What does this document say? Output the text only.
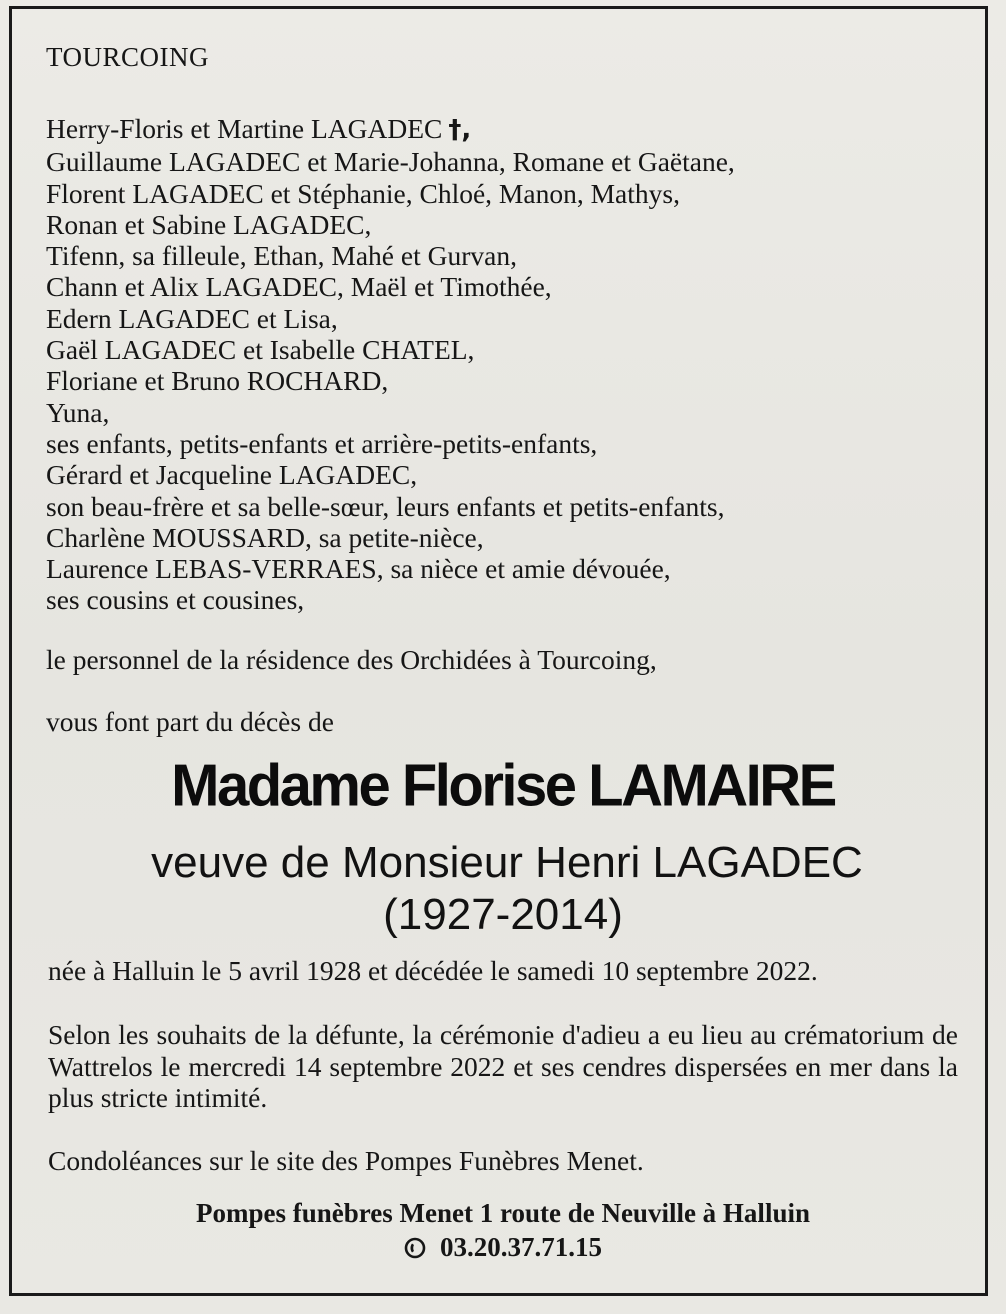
TOURCOING
Herry-Floris et Martine LAGADEC †,
Guillaume LAGADEC et Marie-Johanna, Romane et Gaëtane,
Florent LAGADEC et Stéphanie, Chloé, Manon, Mathys,
Ronan et Sabine LAGADEC,
Tifenn, sa filleule, Ethan, Mahé et Gurvan,
Chann et Alix LAGADEC, Maël et Timothée,
Edern LAGADEC et Lisa,
Gaël LAGADEC et Isabelle CHATEL,
Floriane et Bruno ROCHARD,
Yuna,
ses enfants, petits-enfants et arrière-petits-enfants,
Gérard et Jacqueline LAGADEC,
son beau-frère et sa belle-sœur, leurs enfants et petits-enfants,
Charlène MOUSSARD, sa petite-nièce,
Laurence LEBAS-VERRAES, sa nièce et amie dévouée,
ses cousins et cousines,
le personnel de la résidence des Orchidées à Tourcoing,
vous font part du décès de
Madame Florise LAMAIRE
veuve de Monsieur Henri LAGADEC
(1927-2014)
née à Halluin le 5 avril 1928 et décédée le samedi 10 septembre 2022.

Selon les souhaits de la défunte, la cérémonie d'adieu a eu lieu au crématorium de Wattrelos le mercredi 14 septembre 2022 et ses cendres dispersées en mer dans la plus stricte intimité.

Condoléances sur le site des Pompes Funèbres Menet.
Pompes funèbres Menet 1 route de Neuville à Halluin
03.20.37.71.15
